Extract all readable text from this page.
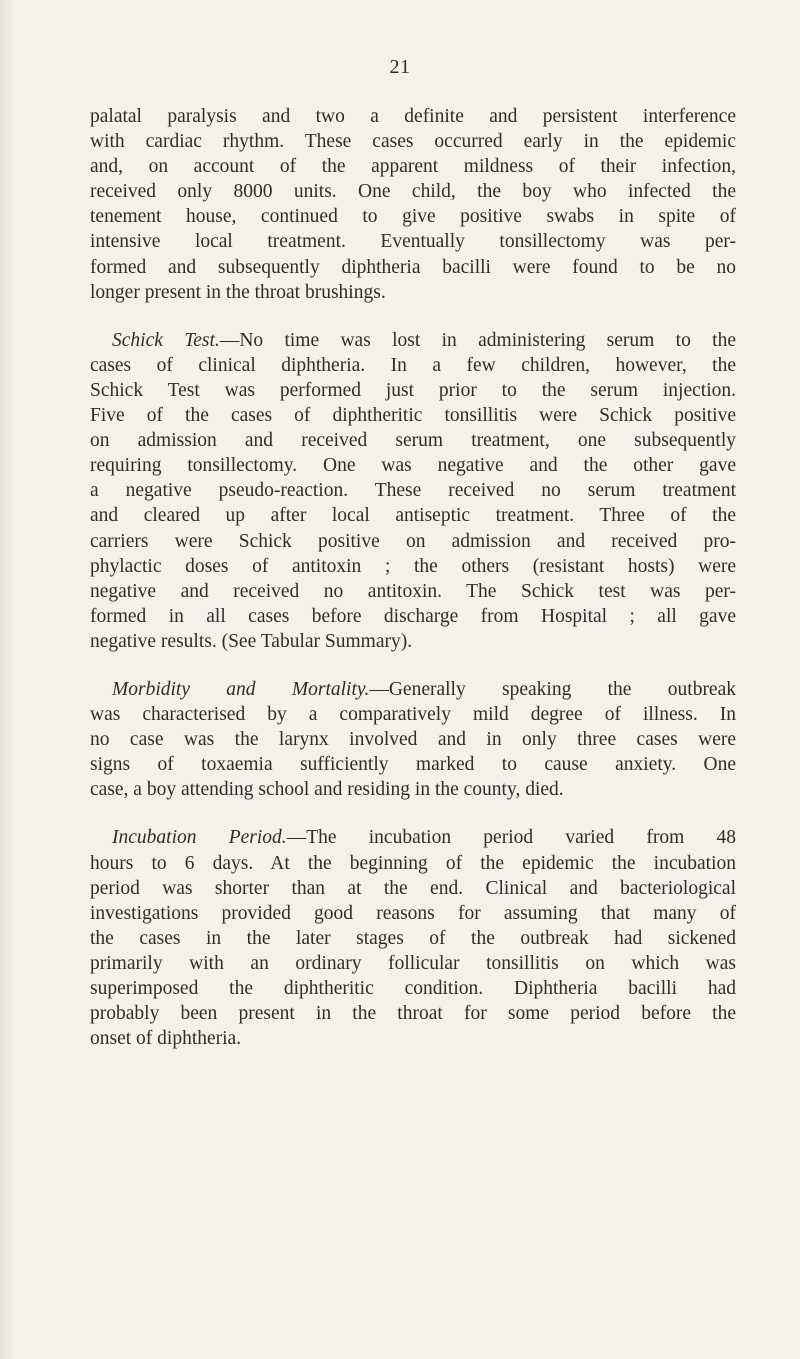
21
palatal paralysis and two a definite and persistent interference
with cardiac rhythm. These cases occurred early in the epidemic
and, on account of the apparent mildness of their infection,
received only 8000 units. One child, the boy who infected the
tenement house, continued to give positive swabs in spite of
intensive local treatment. Eventually tonsillectomy was per-
formed and subsequently diphtheria bacilli were found to be no
longer present in the throat brushings.
Schick Test.—No time was lost in administering serum to the
cases of clinical diphtheria. In a few children, however, the
Schick Test was performed just prior to the serum injection.
Five of the cases of diphtheritic tonsillitis were Schick positive
on admission and received serum treatment, one subsequently
requiring tonsillectomy. One was negative and the other gave
a negative pseudo-reaction. These received no serum treatment
and cleared up after local antiseptic treatment. Three of the
carriers were Schick positive on admission and received pro-
phylactic doses of antitoxin ; the others (resistant hosts) were
negative and received no antitoxin. The Schick test was per-
formed in all cases before discharge from Hospital ; all gave
negative results. (See Tabular Summary).
Morbidity and Mortality.—Generally speaking the outbreak
was characterised by a comparatively mild degree of illness. In
no case was the larynx involved and in only three cases were
signs of toxaemia sufficiently marked to cause anxiety. One
case, a boy attending school and residing in the county, died.
Incubation Period.—The incubation period varied from 48
hours to 6 days. At the beginning of the epidemic the incubation
period was shorter than at the end. Clinical and bacteriological
investigations provided good reasons for assuming that many of
the cases in the later stages of the outbreak had sickened
primarily with an ordinary follicular tonsillitis on which was
superimposed the diphtheritic condition. Diphtheria bacilli had
probably been present in the throat for some period before the
onset of diphtheria.
